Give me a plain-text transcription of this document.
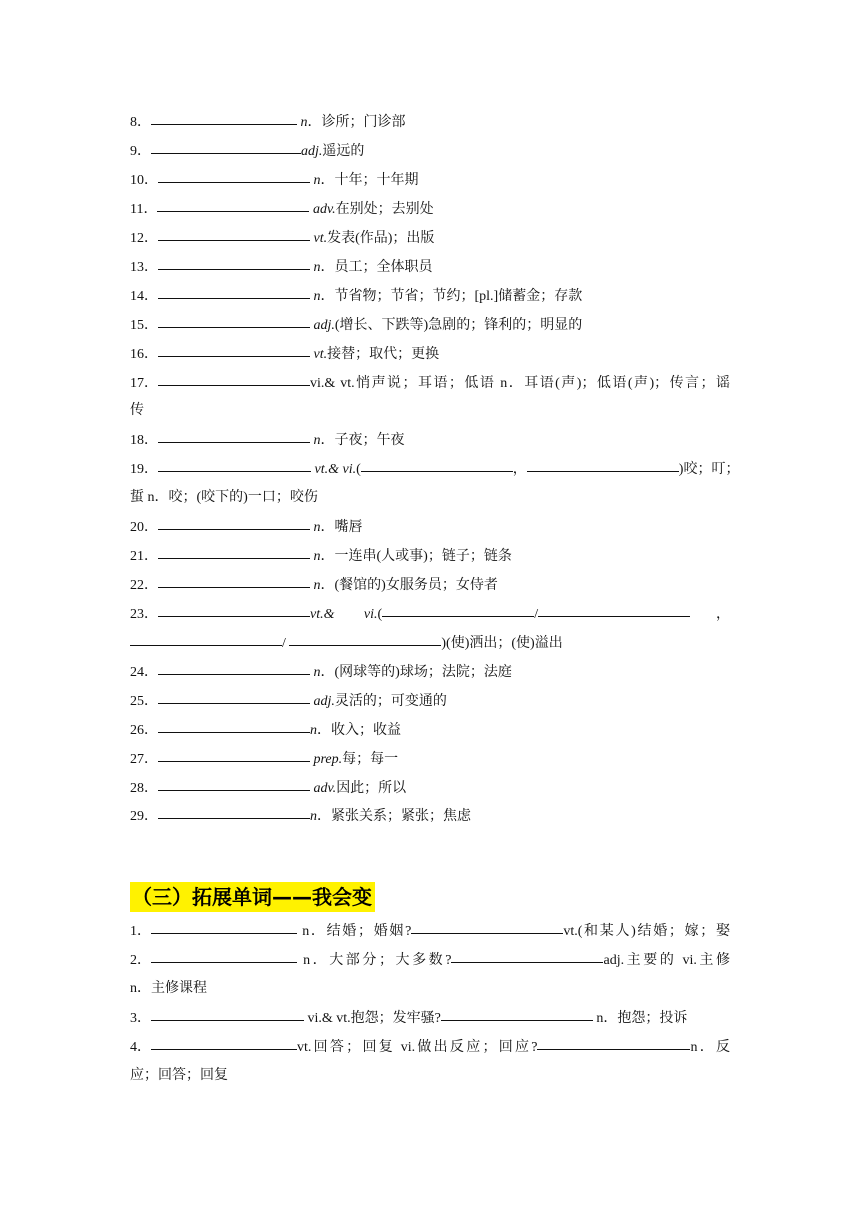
8．	n．诊所；门诊部
9．	adj.遥远的
10．	n．十年；十年期
11．	adv.在别处；去别处
12．	vt.发表(作品)；出版
13．	n．员工；全体职员
14．	n．节省物；节省；节约；[pl.]储蓄金；存款
15．	adj.(增长、下跌等)急剧的；锋利的；明显的
16．	vt.接替；取代；更换
17．	vi.& vt.悄声说；耳语；低语 n．耳语(声)；低语(声)；传言；谣
传
18．	n．子夜；午夜
19．	vt.& vi.(	，	)咬；叮；
蜇 n．咬；(咬下的)一口；咬伤
20．	n．嘴唇
21．	n．一连串(人或事)；链子；链条
22．	n．(餐馆的)女服务员；女侍者
23．	vt.& vi.(	/	，
/	)(使)洒出；(使)溢出
24．	n．(网球等的)球场；法院；法庭
25．	adj.灵活的；可变通的
26．	n．收入；收益
27．	prep.每；每一
28．	adv.因此；所以
29．	n．紧张关系；紧张；焦虑
（三）拓展单词——我会变
1．	n．结婚；婚姻?	vt.(和某人)结婚；嫁；娶
2．	n．大部分；大多数?	adj.主要的 vi.主修
n．主修课程
3．	vi.& vt.抱怨；发牢骚?	n．抱怨；投诉
4．	vt.回答；回复 vi.做出反应；回应?	n．反
应；回答；回复
